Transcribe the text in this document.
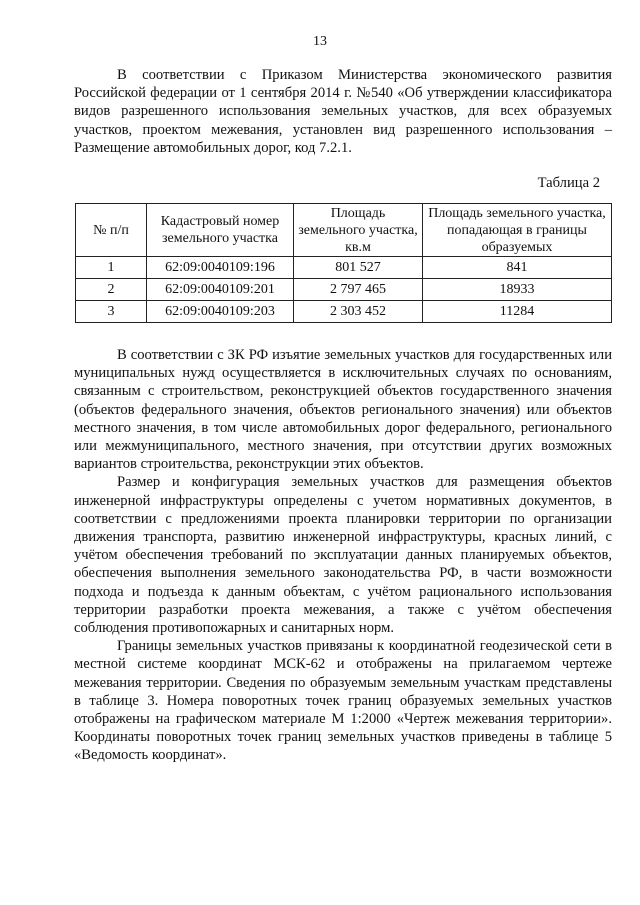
13

В соответствии с Приказом Министерства экономического развития Российской федерации от 1 сентября 2014 г. №540 «Об утверждении классификатора видов разрешенного использования земельных участков, для всех образуемых участков, проектом межевания, установлен вид разрешенного использования – Размещение автомобильных дорог, код 7.2.1.

Таблица 2
№ п/п	Кадастровый номер земельного участка	Площадь земельного участка, кв.м	Площадь земельного участка, попадающая в границы образуемых
1	62:09:0040109:196	801 527	841
2	62:09:0040109:201	2 797 465	18933
3	62:09:0040109:203	2 303 452	11284

В соответствии с ЗК РФ изъятие земельных участков для государственных или муниципальных нужд осуществляется в исключительных случаях по основаниям, связанным с строительством, реконструкцией объектов государственного значения (объектов федерального значения, объектов регионального значения) или объектов местного значения, в том числе автомобильных дорог федерального, регионального или межмуниципального, местного значения, при отсутствии других возможных вариантов строительства, реконструкции этих объектов.

Размер и конфигурация земельных участков для размещения объектов инженерной инфраструктуры определены с учетом нормативных документов, в соответствии с предложениями проекта планировки территории по организации движения транспорта, развитию инженерной инфраструктуры, красных линий, с учётом обеспечения требований по эксплуатации данных планируемых объектов, обеспечения выполнения земельного законодательства РФ, в части возможности подхода и подъезда к данным объектам, с учётом рационального использования территории разработки проекта межевания, а также с учётом обеспечения соблюдения противопожарных и санитарных норм.

Границы земельных участков привязаны к координатной геодезической сети в местной системе координат МСК-62 и отображены на прилагаемом чертеже межевания территории. Сведения по образуемым земельным участкам представлены в таблице 3. Номера поворотных точек границ образуемых земельных участков отображены на графическом материале М 1:2000 «Чертеж межевания территории». Координаты поворотных точек границ земельных участков приведены в таблице 5 «Ведомость координат».
